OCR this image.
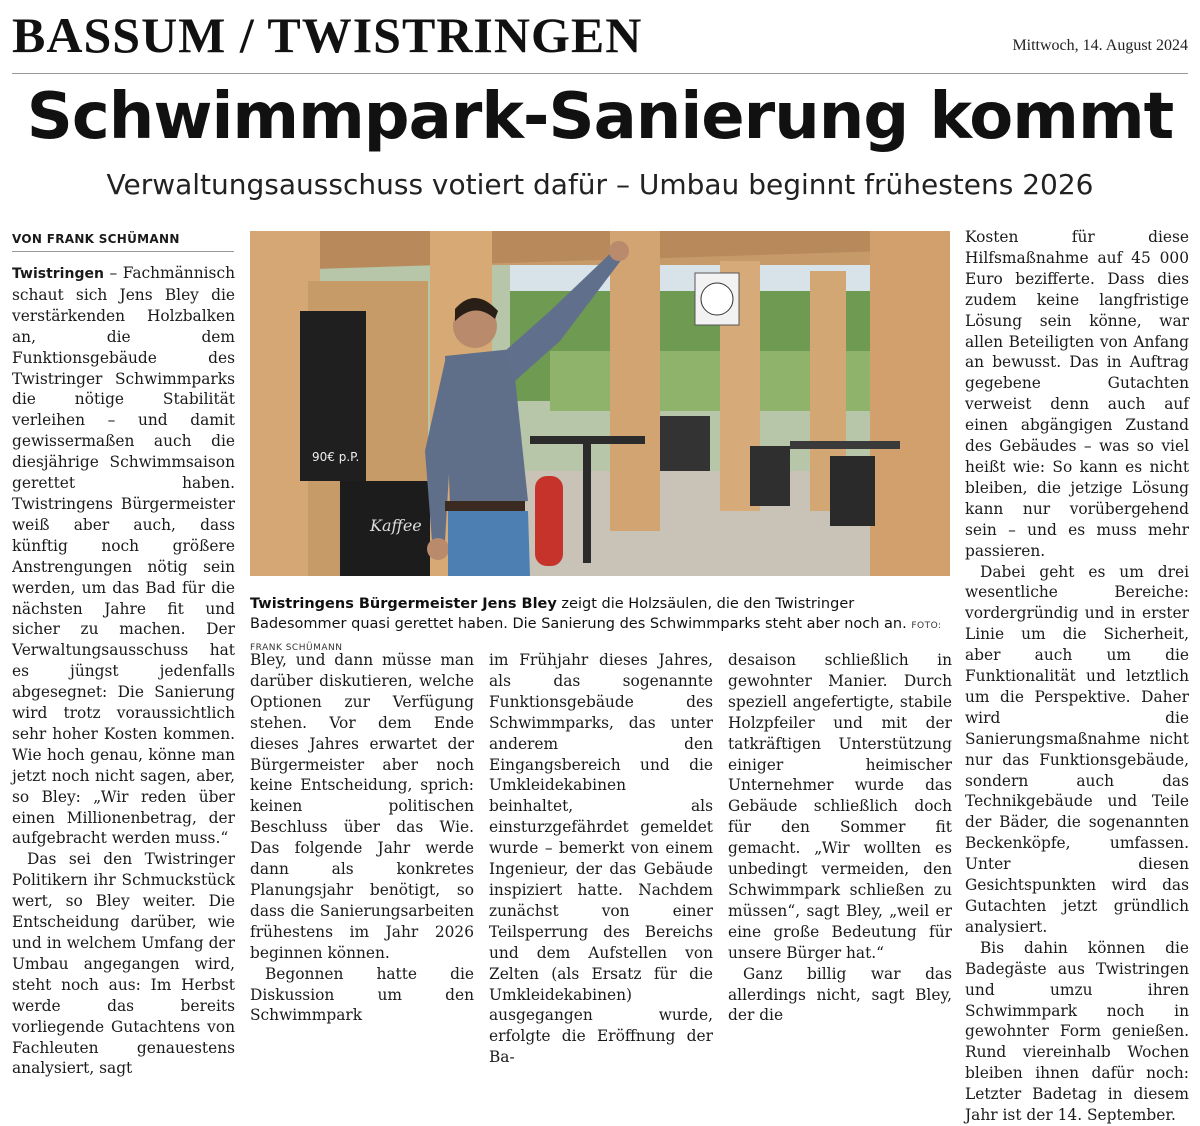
BASSUM / TWISTRINGEN	Mittwoch, 14. August 2024
Schwimmpark-Sanierung kommt
Verwaltungsausschuss votiert dafür – Umbau beginnt frühestens 2026
VON FRANK SCHÜMANN

Twistringen – Fachmännisch schaut sich Jens Bley die verstärkenden Holzbalken an, die dem Funktionsgebäude des Twistringer Schwimmparks die nötige Stabilität verleihen – und damit gewissermaßen auch die diesjährige Schwimmsaison gerettet haben. Twistringens Bürgermeister weiß aber auch, dass künftig noch größere Anstrengungen nötig sein werden, um das Bad für die nächsten Jahre fit und sicher zu machen. Der Verwaltungsausschuss hat es jüngst jedenfalls abgesegnet: Die Sanierung wird trotz voraussichtlich sehr hoher Kosten kommen. Wie hoch genau, könne man jetzt noch nicht sagen, aber, so Bley: „Wir reden über einen Millionenbetrag, der aufgebracht werden muss.“

Das sei den Twistringer Politikern ihr Schmuckstück wert, so Bley weiter. Die Entscheidung darüber, wie und in welchem Umfang der Umbau angegangen wird, steht noch aus: Im Herbst werde das bereits vorliegende Gutachtens von Fachleuten genauestens analysiert, sagt

90€ p.P.
Kaffee
Twistringens Bürgermeister Jens Bley zeigt die Holzsäulen, die den Twistringer Badesommer quasi gerettet haben. Die Sanierung des Schwimmparks steht aber noch an. FOTO: FRANK SCHÜMANN

Bley, und dann müsse man darüber diskutieren, welche Optionen zur Verfügung stehen. Vor dem Ende dieses Jahres erwartet der Bürgermeister aber noch keine Entscheidung, sprich: keinen politischen Beschluss über das Wie. Das folgende Jahr werde dann als konkretes Planungsjahr benötigt, so dass die Sanierungsarbeiten frühestens im Jahr 2026 beginnen können.

Begonnen hatte die Diskussion um den Schwimmpark

im Frühjahr dieses Jahres, als das sogenannte Funktionsgebäude des Schwimmparks, das unter anderem den Eingangsbereich und die Umkleidekabinen beinhaltet, als einsturzgefährdet gemeldet wurde – bemerkt von einem Ingenieur, der das Gebäude inspiziert hatte. Nachdem zunächst von einer Teilsperrung des Bereichs und dem Aufstellen von Zelten (als Ersatz für die Umkleidekabinen) ausgegangen wurde, erfolgte die Eröffnung der Ba-

desaison schließlich in gewohnter Manier. Durch speziell angefertigte, stabile Holzpfeiler und mit der tatkräftigen Unterstützung einiger heimischer Unternehmer wurde das Gebäude schließlich doch für den Sommer fit gemacht. „Wir wollten es unbedingt vermeiden, den Schwimmpark schließen zu müssen“, sagt Bley, „weil er eine große Bedeutung für unsere Bürger hat.“

Ganz billig war das allerdings nicht, sagt Bley, der die

Kosten für diese Hilfsmaßnahme auf 45 000 Euro bezifferte. Dass dies zudem keine langfristige Lösung sein könne, war allen Beteiligten von Anfang an bewusst. Das in Auftrag gegebene Gutachten verweist denn auch auf einen abgängigen Zustand des Gebäudes – was so viel heißt wie: So kann es nicht bleiben, die jetzige Lösung kann nur vorübergehend sein – und es muss mehr passieren.

Dabei geht es um drei wesentliche Bereiche: vordergründig und in erster Linie um die Sicherheit, aber auch um die Funktionalität und letztlich um die Perspektive. Daher wird die Sanierungsmaßnahme nicht nur das Funktionsgebäude, sondern auch das Technikgebäude und Teile der Bäder, die sogenannten Beckenköpfe, umfassen. Unter diesen Gesichtspunkten wird das Gutachten jetzt gründlich analysiert.

Bis dahin können die Badegäste aus Twistringen und umzu ihren Schwimmpark noch in gewohnter Form genießen. Rund viereinhalb Wochen bleiben ihnen dafür noch: Letzter Badetag in diesem Jahr ist der 14. September.
